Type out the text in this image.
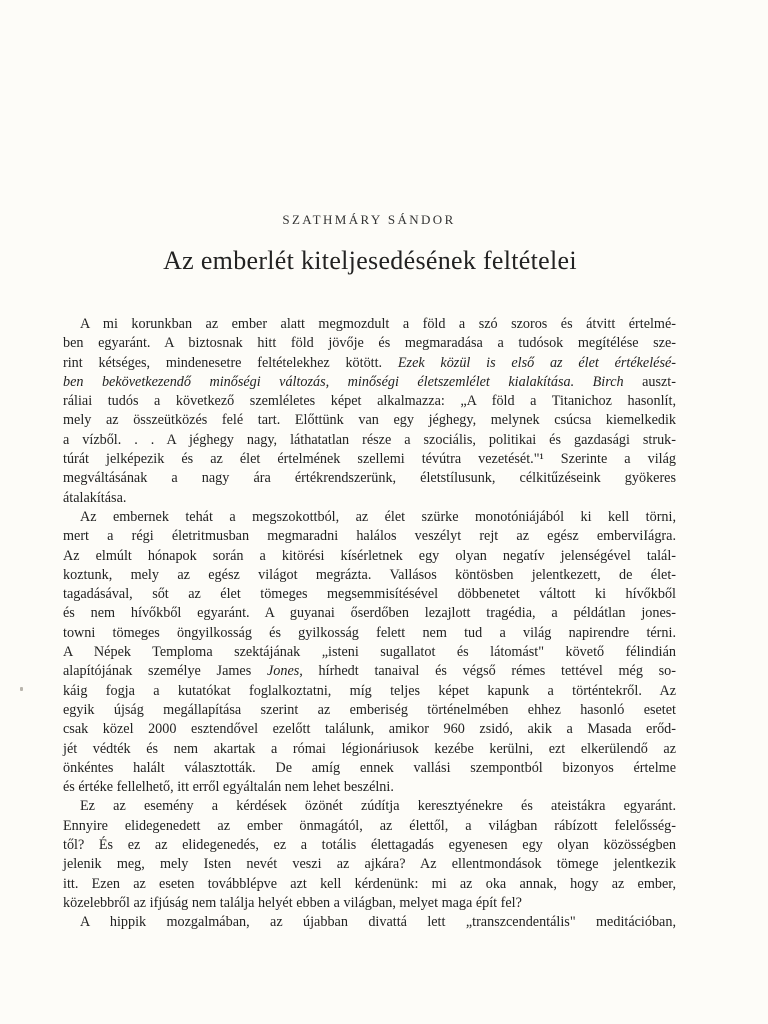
SZATHMÁRY SÁNDOR
Az emberlét kiteljesedésének feltételei
A mi korunkban az ember alatt megmozdult a föld a szó szoros és átvitt értelmé-
ben egyaránt. A biztosnak hitt föld jövője és megmaradása a tudósok megítélése sze-
rint kétséges, mindenesetre feltételekhez kötött. Ezek közül is első az élet értékelésé-
ben bekövetkezendő minőségi változás, minőségi életszemlélet kialakítása. Birch auszt-
ráliai tudós a következő szemléletes képet alkalmazza: „A föld a Titanichoz hasonlít,
mely az összeütközés felé tart. Előttünk van egy jéghegy, melynek csúcsa kiemelkedik
a vízből. . . A jéghegy nagy, láthatatlan része a szociális, politikai és gazdasági struk-
túrát jelképezik és az élet értelmének szellemi tévútra vezetését."¹ Szerinte a világ
megváltásának a nagy ára értékrendszerünk, életstílusunk, célkitűzéseink gyökeres
átalakítása.
Az embernek tehát a megszokottból, az élet szürke monotóniájából ki kell törni,
mert a régi életritmusban megmaradni halálos veszélyt rejt az egész emberviIágra.
Az elmúlt hónapok során a kitörési kísérletnek egy olyan negatív jelenségével talál-
koztunk, mely az egész világot megrázta. Vallásos köntösben jelentkezett, de élet-
tagadásával, sőt az élet tömeges megsemmisítésével döbbenetet váltott ki hívőkből
és nem hívőkből egyaránt. A guyanai őserdőben lezajlott tragédia, a példátlan jones-
towni tömeges öngyilkosság és gyilkosság felett nem tud a világ napirendre térni.
A Népek Temploma szektájának „isteni sugallatot és látomást" követő félindián
alapítójának személye James Jones, hírhedt tanaival és végső rémes tettével még so-
káig fogja a kutatókat foglalkoztatni, míg teljes képet kapunk a történtekről. Az
egyik újság megállapítása szerint az emberiség történelmében ehhez hasonló esetet
csak közel 2000 esztendővel ezelőtt találunk, amikor 960 zsidó, akik a Masada erőd-
jét védték és nem akartak a római légionáriusok kezébe kerülni, ezt elkerülendő az
önkéntes halált választották. De amíg ennek vallási szempontból bizonyos értelme
és értéke fellelhető, itt erről egyáltalán nem lehet beszélni.
Ez az esemény a kérdések özönét zúdítja keresztyénekre és ateistákra egyaránt.
Ennyire elidegenedett az ember önmagától, az élettől, a világban rábízott felelősség-
től? És ez az elidegenedés, ez a totális élettagadás egyenesen egy olyan közösségben
jelenik meg, mely Isten nevét veszi az ajkára? Az ellentmondások tömege jelentkezik
itt. Ezen az eseten továbblépve azt kell kérdenünk: mi az oka annak, hogy az ember,
közelebbről az ifjúság nem találja helyét ebben a világban, melyet maga épít fel?
A hippik mozgalmában, az újabban divattá lett „transzcendentális" meditációban,
